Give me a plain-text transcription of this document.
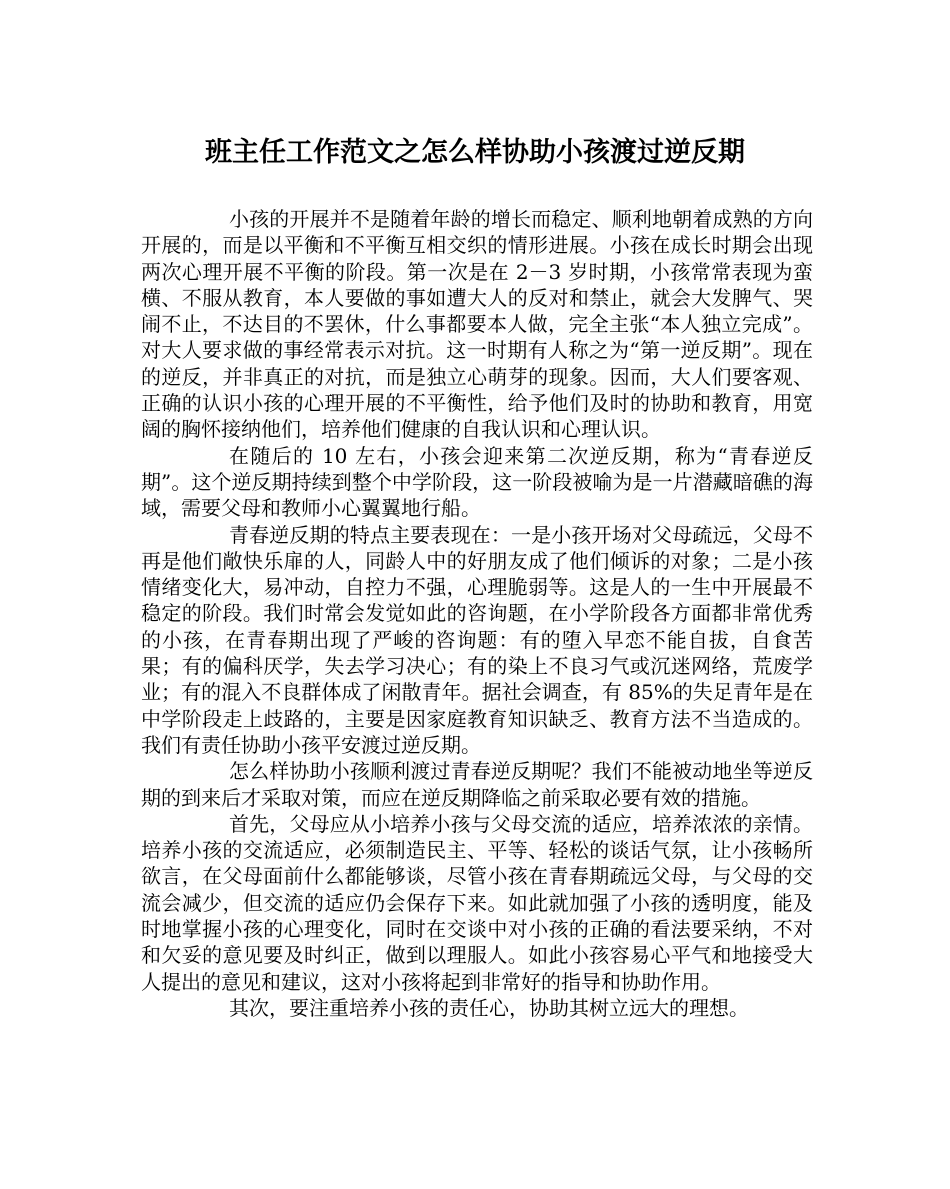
班主任工作范文之怎么样协助小孩渡过逆反期

小孩的开展并不是随着年龄的增长而稳定、顺利地朝着成熟的方向开展的，而是以平衡和不平衡互相交织的情形进展。小孩在成长时期会出现两次心理开展不平衡的阶段。第一次是在 2－3 岁时期，小孩常常表现为蛮横、不服从教育，本人要做的事如遭大人的反对和禁止，就会大发脾气、哭闹不止，不达目的不罢休，什么事都要本人做，完全主张“本人独立完成”。对大人要求做的事经常表示对抗。这一时期有人称之为“第一逆反期”。现在的逆反，并非真正的对抗，而是独立心萌芽的现象。因而，大人们要客观、正确的认识小孩的心理开展的不平衡性，给予他们及时的协助和教育，用宽阔的胸怀接纳他们，培养他们健康的自我认识和心理认识。

在随后的 10 左右，小孩会迎来第二次逆反期，称为“青春逆反期”。这个逆反期持续到整个中学阶段，这一阶段被喻为是一片潜藏暗礁的海域，需要父母和教师小心翼翼地行船。

青春逆反期的特点主要表现在：一是小孩开场对父母疏远，父母不再是他们敞快乐扉的人，同龄人中的好朋友成了他们倾诉的对象；二是小孩情绪变化大，易冲动，自控力不强，心理脆弱等。这是人的一生中开展最不稳定的阶段。我们时常会发觉如此的咨询题，在小学阶段各方面都非常优秀的小孩，在青春期出现了严峻的咨询题：有的堕入早恋不能自拔，自食苦果；有的偏科厌学，失去学习决心；有的染上不良习气或沉迷网络，荒废学业；有的混入不良群体成了闲散青年。据社会调查，有 85%的失足青年是在中学阶段走上歧路的，主要是因家庭教育知识缺乏、教育方法不当造成的。我们有责任协助小孩平安渡过逆反期。

怎么样协助小孩顺利渡过青春逆反期呢？我们不能被动地坐等逆反期的到来后才采取对策，而应在逆反期降临之前采取必要有效的措施。

首先，父母应从小培养小孩与父母交流的适应，培养浓浓的亲情。培养小孩的交流适应，必须制造民主、平等、轻松的谈话气氛，让小孩畅所欲言，在父母面前什么都能够谈，尽管小孩在青春期疏远父母，与父母的交流会减少，但交流的适应仍会保存下来。如此就加强了小孩的透明度，能及时地掌握小孩的心理变化，同时在交谈中对小孩的正确的看法要采纳，不对和欠妥的意见要及时纠正，做到以理服人。如此小孩容易心平气和地接受大人提出的意见和建议，这对小孩将起到非常好的指导和协助作用。

其次，要注重培养小孩的责任心，协助其树立远大的理想。
